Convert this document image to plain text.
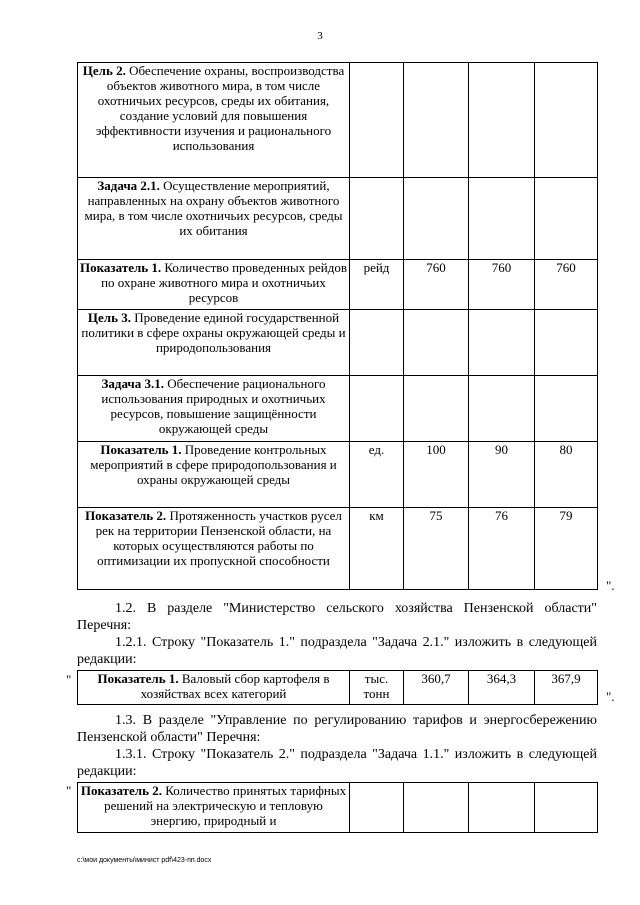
3
Цель 2. Обеспечение охраны, воспроизводства объектов животного мира, в том числе охотничьих ресурсов, среды их обитания, создание условий для повышения эффективности изучения и рационального использования				
Задача 2.1. Осуществление мероприятий, направленных на охрану объектов животного мира, в том числе охотничьих ресурсов, среды их обитания				
Показатель 1. Количество проведенных рейдов по охране животного мира и охотничьих ресурсов	рейд	760	760	760
Цель 3. Проведение единой государственной политики в сфере охраны окружающей среды и природопользования				
Задача 3.1. Обеспечение рационального использования природных и охотничьих ресурсов, повышение защищённости окружающей среды				
Показатель 1. Проведение контрольных мероприятий в сфере природопользования и охраны окружающей среды	ед.	100	90	80
Показатель 2. Протяженность участков русел рек на территории Пензенской области, на которых осуществляются работы по оптимизации их пропускной способности	км	75	76	79
".
1.2. В разделе "Министерство сельского хозяйства Пензенской области" Перечня:
1.2.1. Строку "Показатель 1." подраздела "Задача 2.1." изложить в следующей редакции:
" Показатель 1. Валовый сбор картофеля в хозяйствах всех категорий	тыс. тонн	360,7	364,3	367,9
".
1.3. В разделе "Управление по регулированию тарифов и энергосбережению Пензенской области" Перечня:
1.3.1. Строку "Показатель 2." подраздела "Задача 1.1." изложить в следующей редакции:
" Показатель 2. Количество принятых тарифных решений на электрическую и тепловую энергию, природный и				
c:\мои документы\минист pdf\423-пп.docx
